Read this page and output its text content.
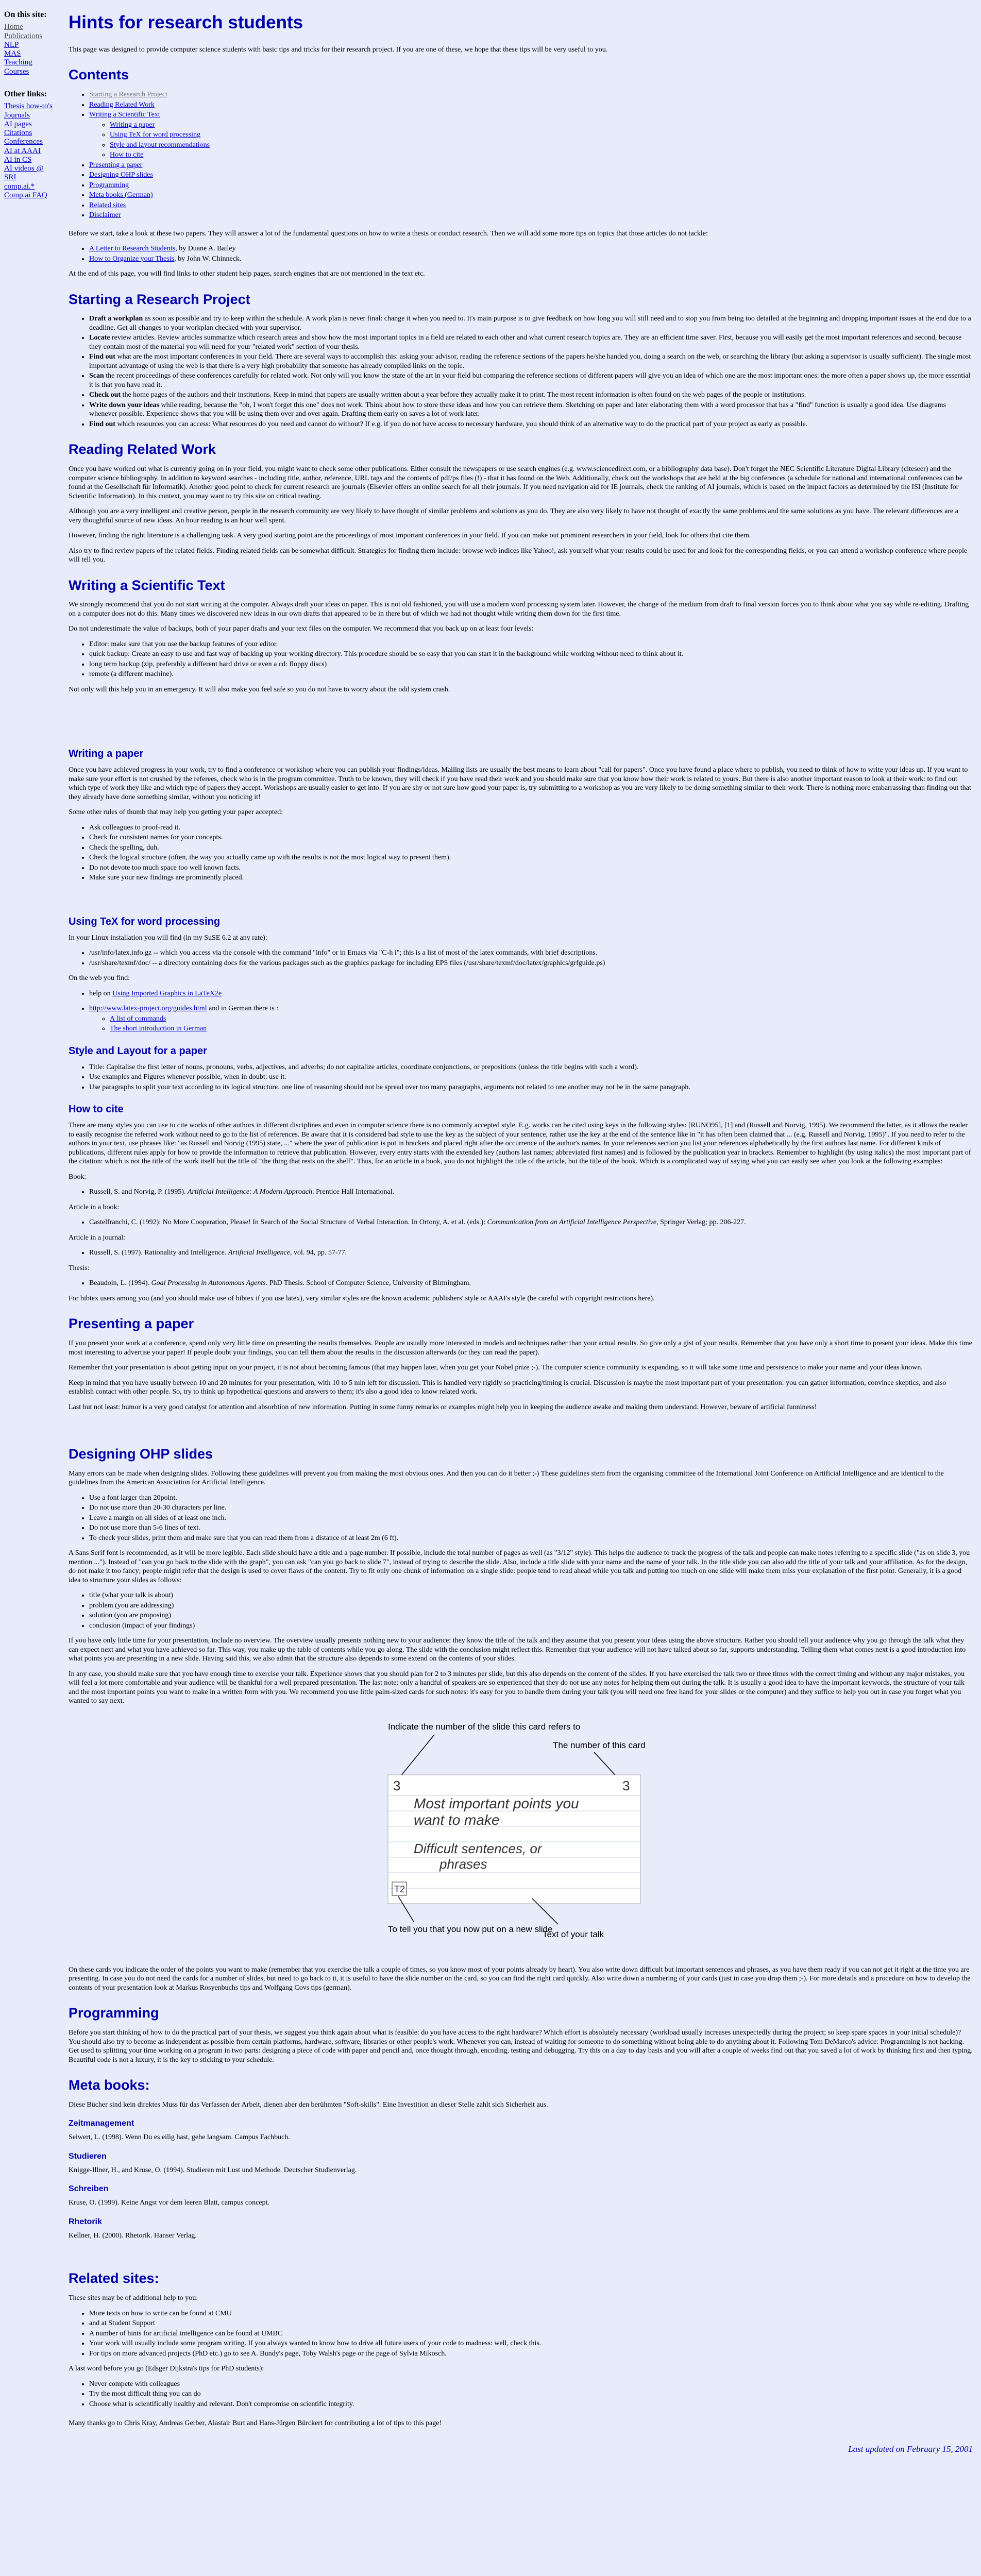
On this site:
Home
Publications
NLP
MAS
Teaching
Courses
Other links:
Thesis how-to's
Journals
AI pages
Citations
Conferences
AI at AAAI
AI in CS
AI videos @ SRI
comp.ai.*
Comp.ai FAQ
Hints for research students

This page was designed to provide computer science students with basic tips and tricks for their research project. If you are one of these, we hope that these tips will be very useful to you.

Contents
• Starting a Research Project
• Reading Related Work
• Writing a Scientific Text
◦ Writing a paper
◦ Using TeX for word processing
◦ Style and layout recommendations
◦ How to cite
• Presenting a paper
• Designing OHP slides
• Programming
• Meta books (German)
• Related sites
• Disclaimer

Before we start, take a look at these two papers. They will answer a lot of the fundamental questions on how to write a thesis or conduct research. Then we will add some more tips on topics that those articles do not tackle:

• A Letter to Research Students, by Duane A. Bailey
• How to Organize your Thesis, by John W. Chinneck.

At the end of this page, you will find links to other student help pages, search engines that are not mentioned in the text etc.

Starting a Research Project
• Draft a workplan as soon as possible and try to keep within the schedule. A work plan is never final: change it when you need to. It's main purpose is to give feedback on how long you will still need and to stop you from being too detailed at the beginning and dropping important issues at the end due to a deadline. Get all changes to your workplan checked with your supervisor.
• Locate review articles. Review articles summarize which research areas and show how the most important topics in a field are related to each other and what current research topics are. They are an efficient time saver. First, because you will easily get the most important references and second, because they contain most of the material you will need for your "related work" section of your thesis.
• Find out what are the most important conferences in your field. There are several ways to accomplish this: asking your advisor, reading the reference sections of the papers he/she handed you, doing a search on the web, or searching the library (but asking a supervisor is usually sufficient). The single most important advantage of using the web is that there is a very high probability that someone has already compiled links on the topic.
• Scan the recent proceedings of these conferences carefully for related work. Not only will you know the state of the art in your field but comparing the reference sections of different papers will give you an idea of which one are the most important ones: the more often a paper shows up, the more essential it is that you have read it.
• Check out the home pages of the authors and their institutions. Keep in mind that papers are usually written about a year before they actually make it to print. The most recent information is often found on the web pages of the people or institutions.
• Write down your ideas while reading, because the "oh, I won't forget this one" does not work. Think about how to store these ideas and how you can retrieve them. Sketching on paper and later elaborating them with a word processor that has a "find" function is usually a good idea. Use diagrams whenever possible. Experience shows that you will be using them over and over again. Drafting them early on saves a lot of work later.
• Find out which resources you can access: What resources do you need and cannot do without? If e.g. if you do not have access to necessary hardware, you should think of an alternative way to do the practical part of your project as early as possible.
Reading Related Work

Once you have worked out what is currently going on in your field, you might want to check some other publications. Either consult the newspapers or use search engines (e.g. www.sciencedirect.com, or a bibliography data base). Don't forget the NEC Scientific Literature Digital Library (citeseer) and the computer science bibliography. In addition to keyword searches - including title, author, reference, URL tags and the contents of pdf/ps files (!) - that it has found on the Web. Additionally, check out the workshops that are held at the big conferences (a schedule for national and international conferences can be found at the Gesellschaft für Informatik). Another good point to check for current research are journals (Elsevier offers an online search for all their journals. If you need navigation aid for IE journals, check the ranking of AI journals, which is based on the impact factors as determined by the ISI (Institute for Scientific Information). In this context, you may want to try this site on critical reading.

Although you are a very intelligent and creative person, people in the research community are very likely to have thought of similar problems and solutions as you do. They are also very likely to have not thought of exactly the same problems and the same solutions as you have. The relevant differences are a very thoughtful source of new ideas. An hour reading is an hour well spent.

However, finding the right literature is a challenging task. A very good starting point are the proceedings of most important conferences in your field. If you can make out prominent researchers in your field, look for others that cite them.

Also try to find review papers of the related fields. Finding related fields can be somewhat difficult. Strategies for finding them include: browse web indices like Yahoo!, ask yourself what your results could be used for and look for the corresponding fields, or you can attend a workshop conference where people will tell you.

Writing a Scientific Text

We strongly recommend that you do not start writing at the computer. Always draft your ideas on paper. This is not old fashioned, you will use a modern word processing system later. However, the change of the medium from draft to final version forces you to think about what you say while re-editing. Drafting on a computer does not do this. Many times we discovered new ideas in our own drafts that appeared to be in there but of which we had not thought while writing them down for the first time.

Do not underestimate the value of backups, both of your paper drafts and your text files on the computer. We recommend that you back up on at least four levels:

• Editor: make sure that you use the backup features of your editor.
• quick backup: Create an easy to use and fast way of backing up your working directory. This procedure should be so easy that you can start it in the background while working without need to think about it.
• long term backup (zip, preferably a different hard drive or even a cd: floppy discs)
• remote (a different machine).

Not only will this help you in an emergency. It will also make you feel safe so you do not have to worry about the odd system crash.

Writing a paper

Once you have achieved progress in your work, try to find a conference or workshop where you can publish your findings/ideas. Mailing lists are usually the best means to learn about "call for papers". Once you have found a place where to publish, you need to think of how to write your ideas up. If you want to make sure your effort is not crushed by the referees, check who is in the program committee. Truth to be known, they will check if you have read their work and you should make sure that you know how their work is related to yours. But there is also another important reason to look at their work: to find out which type of work they like and which type of papers they accept. Workshops are usually easier to get into. If you are shy or not sure how good your paper is, try submitting to a workshop as you are very likely to be doing something similar to their work. There is nothing more embarrassing than finding out that they already have done something similar, without you noticing it!

Some other rules of thumb that may help you getting your paper accepted:

• Ask colleagues to proof-read it.
• Check for consistent names for your concepts.
• Check the spelling, duh.
• Check the logical structure (often, the way you actually came up with the results is not the most logical way to present them).
• Do not devote too much space too well known facts.
• Make sure your new findings are prominently placed.
Using TeX for word processing

In your Linux installation you will find (in my SuSE 6.2 at any rate):

• /usr/info/latex.info.gz -- which you access via the console with the command "info" or in Emacs via "C-h i"; this is a list of most of the latex commands, with brief descriptions.
• /usr/share/texmf/doc/ -- a directory containing docs for the various packages such as the graphics package for including EPS files (/usr/share/texmf/doc/latex/graphics/grfguide.ps)

On the web you find:

• help on Using Imported Graphics in LaTeX2e
• http://www.latex-project.org/guides.html and in German there is :
◦ A list of commands
◦ The short introduction in German
Style and Layout for a paper
• Title: Capitalise the first letter of nouns, pronouns, verbs, adjectives, and adverbs; do not capitalize articles, coordinate conjunctions, or prepositions (unless the title begins with such a word).
• Use examples and Figures whenever possible, when in doubt: use it.
• Use paragraphs to split your text according to its logical structure. one line of reasoning should not be spread over too many paragraphs, arguments not related to one another may not be in the same paragraph.
How to cite

There are many styles you can use to cite works of other authors in different disciplines and even in computer science there is no commonly accepted style. E.g. works can be cited using keys in the following styles: [RUNO95], [1] and (Russell and Norvig, 1995). We recommend the latter, as it allows the reader to easily recognise the referred work without need to go to the list of references. Be aware that it is considered bad style to use the key as the subject of your sentence, rather use the key at the end of the sentence like in "it has often been claimed that ... (e.g. Russell and Norvig, 1995)". If you need to refer to the authors in your text, use phrases like: "as Russell and Norvig (1995) state, ..." where the year of publication is put in brackets and placed right after the occurrence of the author's names. In your references section you list your references alphabetically by the first authors last name. For different kinds of publications, different rules apply for how to provide the information to retrieve that publication. However, every entry starts with the extended key (authors last names; abbreviated first names) and is followed by the publication year in brackets. Remember to highlight (by using italics) the most important part of the citation: which is not the title of the work itself but the title of "the thing that rests on the shelf". Thus, for an article in a book, you do not highlight the title of the article, but the title of the book. Which is a complicated way of saying what you can easily see when you look at the following examples:

Book:

• Russell, S. and Norvig, P. (1995). Artificial Intelligence: A Modern Approach. Prentice Hall International.

Article in a book:

• Castelfranchi, C. (1992): No More Cooperation, Please! In Search of the Social Structure of Verbal Interaction. In Ortony, A. et al. (eds.): Communication from an Artificial Intelligence Perspective, Springer Verlag; pp. 206-227.

Article in a journal:

• Russell, S. (1997). Rationality and Intelligence. Artificial Intelligence, vol. 94, pp. 57-77.

Thesis:

• Beaudoin, L. (1994). Goal Processing in Autonomous Agents. PhD Thesis. School of Computer Science, University of Birmingham.

For bibtex users among you (and you should make use of bibtex if you use latex), very similar styles are the known academic publishers' style or AAAI's style (be careful with copyright restrictions here).

Presenting a paper

If you present your work at a conference, spend only very little time on presenting the results themselves. People are usually more interested in models and techniques rather than your actual results. So give only a gist of your results. Remember that you have only a short time to present your ideas. Make this time most interesting to advertise your paper! If people doubt your findings, you can tell them about the results in the discussion afterwards (or they can read the paper).

Remember that your presentation is about getting input on your project, it is not about becoming famous (that may happen later, when you get your Nobel prize ;-). The computer science community is expanding, so it will take some time and persistence to make your name and your ideas known.

Keep in mind that you have usually between 10 and 20 minutes for your presentation, with 10 to 5 min left for discussion. This is handled very rigidly so practicing/timing is crucial. Discussion is maybe the most important part of your presentation: you can gather information, convince skeptics, and also establish contact with other people. So, try to think up hypothetical questions and answers to them; it's also a good idea to know related work.

Last but not least: humor is a very good catalyst for attention and absorbtion of new information. Putting in some funny remarks or examples might help you in keeping the audience awake and making them understand. However, beware of artificial funniness!

Designing OHP slides

Many errors can be made when designing slides. Following these guidelines will prevent you from making the most obvious ones. And then you can do it better ;-) These guidelines stem from the organising committee of the International Joint Conference on Artificial Intelligence and are identical to the guidelines from the American Association for Artificial Intelligence.

• Use a font larger than 20point.
• Do not use more than 20-30 characters per line.
• Leave a margin on all sides of at least one inch.
• Do not use more than 5-6 lines of text.
• To check your slides, print them and make sure that you can read them from a distance of at least 2m (6 ft).

A Sans Serif font is recommended, as it will be more legible. Each slide should have a title and a page number. If possible, include the total number of pages as well (as "3/12" style). This helps the audience to track the progress of the talk and people can make notes referring to a specific slide ("as on slide 3, you mention ..."). Instead of "can you go back to the slide with the graph", you can ask "can you go back to slide 7", instead of trying to describe the slide. Also, include a title slide with your name and the name of your talk. In the title slide you can also add the title of your talk and your affiliation. As for the design, do not make it too fancy; people might refer that the design is used to cover flaws of the content. Try to fit only one chunk of information on a single slide: people tend to read ahead while you talk and putting too much on one slide will make them miss your explanation of the first point. Generally, it is a good idea to structure your slides as follows:

• title (what your talk is about)
• problem (you are addressing)
• solution (you are proposing)
• conclusion (impact of your findings)

If you have only little time for your presentation, include no overview. The overview usually presents nothing new to your audience: they know the title of the talk and they assume that you present your ideas using the above structure. Rather you should tell your audience why you go through the talk what they can expect next and what you have achieved so far. This way, you make up the table of contents while you go along. The slide with the conclusion might reflect this. Remember that your audience will not have talked about so far, supports understanding. Telling them what comes next is a good introduction into what points you are presenting in a new slide. Having said this, we also admit that the structure also depends to some extend on the contents of your slides.

In any case, you should make sure that you have enough time to exercise your talk. Experience shows that you should plan for 2 to 3 minutes per slide, but this also depends on the content of the slides. If you have exercised the talk two or three times with the correct timing and without any major mistakes, you will feel a lot more comfortable and your audience will be thankful for a well prepared presentation. The last note: only a handful of speakers are so experienced that they do not use any notes for helping them out during the talk. It is usually a good idea to have the important keywords, the structure of your talk and the most important points you want to make in a written form with you. We recommend you use little palm-sized cards for such notes: it's easy for you to handle them during your talk (you will need one free hand for your slides or the computer) and they suffice to help you out in case you forget what you wanted to say next.

Indicate the number of the slide this card refers to
The number of this card
3	3
Most important points you
want to make
Difficult sentences, or
phrases
T2
To tell you that you now put on a new slide
Text of your talk

On these cards you indicate the order of the points you want to make (remember that you exercise the talk a couple of times, so you know most of your points already by heart). You also write down difficult but important sentences and phrases, as you have them ready if you can not get it right at the time you are presenting. In case you do not need the cards for a number of slides, but need to go back to it, it is useful to have the slide number on the card, so you can find the right card quickly. Also write down a numbering of your cards (just in case you drop them ;-). For more details and a procedure on how to develop the contents of your presentation look at Markus Rosyenbuchs tips and Wolfgang Covs tips (german).

Programming

Before you start thinking of how to do the practical part of your thesis, we suggest you think again about what is feasible: do you have access to the right hardware? Which effort is absolutely necessary (workload usually increases unexpectedly during the project; so keep spare spaces in your initial schedule)? You should also try to become as independent as possible from certain platforms, hardware, software, libraries or other people's work. Whenever you can, instead of waiting for someone to do something without being able to do anything about it. Following Tom DeMarco's advice: Programming is not hacking. Get used to splitting your time working on a program in two parts: designing a piece of code with paper and pencil and, once thought through, encoding, testing and debugging. Try this on a day to day basis and you will after a couple of weeks find out that you saved a lot of work by thinking first and then typing. Beautiful code is not a luxury, it is the key to sticking to your schedule.

Meta books:

Diese Bücher sind kein direktes Muss für das Verfassen der Arbeit, dienen aber den berühmten "Soft-skills". Eine Investition an dieser Stelle zahlt sich Sicherheit aus.

Zeitmanagement

Seiwert, L. (1998). Wenn Du es eilig hast, gehe langsam. Campus Fachbuch.

Studieren

Knigge-Illner, H., and Kruse, O. (1994). Studieren mit Lust und Methode. Deutscher Studienverlag.

Schreiben

Kruse, O. (1999). Keine Angst vor dem leeren Blatt, campus concept.

Rhetorik

Kellner, H. (2000). Rhetorik. Hanser Verlag.

Related sites:

These sites may be of additional help to you:

• More texts on how to write can be found at CMU
• and at Student Support
• A number of hints for artificial intelligence can be found at UMBC
• Your work will usually include some program writing. If you always wanted to know how to drive all future users of your code to madness: well, check this.
• For tips on more advanced projects (PhD etc.) go to see A. Bundy's page, Toby Walsh's page or the page of Sylvia Mikosch.

A last word before you go (Edsger Dijkstra's tips for PhD students):

• Never compete with colleagues
• Try the most difficult thing you can do
• Choose what is scientifically healthy and relevant. Don't compromise on scientific integrity.

Many thanks go to Chris Kray, Andreas Gerber, Alastair Burt and Hans-Jürgen Bürckert for contributing a lot of tips to this page!

Last updated on February 15, 2001
